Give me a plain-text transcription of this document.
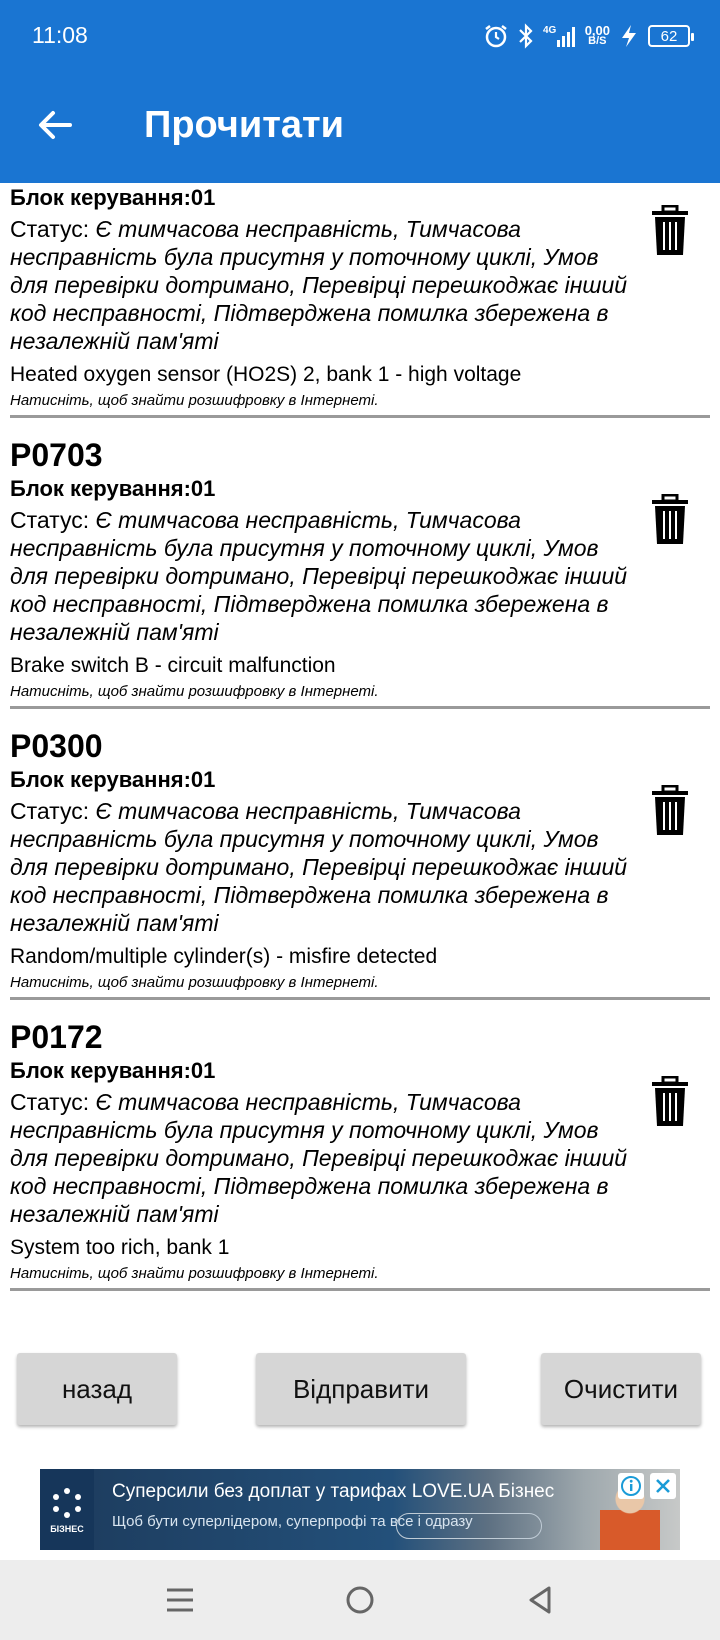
11:08	4G 0,00
B/S	62
Прочитати
Блок керування:01
Статус: Є тимчасова несправність, Тимчасова несправність була присутня у поточному циклі, Умов для перевірки дотримано, Перевірці перешкоджає інший код несправності, Підтверджена помилка збережена в незалежній пам'яті
Heated oxygen sensor (HO2S) 2, bank 1 - high voltage
Натисніть, щоб знайти розшифровку в Інтернеті.
P0703
Блок керування:01
Статус: Є тимчасова несправність, Тимчасова несправність була присутня у поточному циклі, Умов для перевірки дотримано, Перевірці перешкоджає інший код несправності, Підтверджена помилка збережена в незалежній пам'яті
Brake switch B - circuit malfunction
Натисніть, щоб знайти розшифровку в Інтернеті.
P0300
Блок керування:01
Статус: Є тимчасова несправність, Тимчасова несправність була присутня у поточному циклі, Умов для перевірки дотримано, Перевірці перешкоджає інший код несправності, Підтверджена помилка збережена в незалежній пам'яті
Random/multiple cylinder(s) - misfire detected
Натисніть, щоб знайти розшифровку в Інтернеті.
P0172
Блок керування:01
Статус: Є тимчасова несправність, Тимчасова несправність була присутня у поточному циклі, Умов для перевірки дотримано, Перевірці перешкоджає інший код несправності, Підтверджена помилка збережена в незалежній пам'яті
System too rich, bank 1
Натисніть, щоб знайти розшифровку в Інтернеті.
назад	Відправити	Очистити
БІЗНЕС
Суперсили без доплат у тарифах LOVE.UA Бізнес
Щоб бути суперлідером, суперпрофі та все і одразу
